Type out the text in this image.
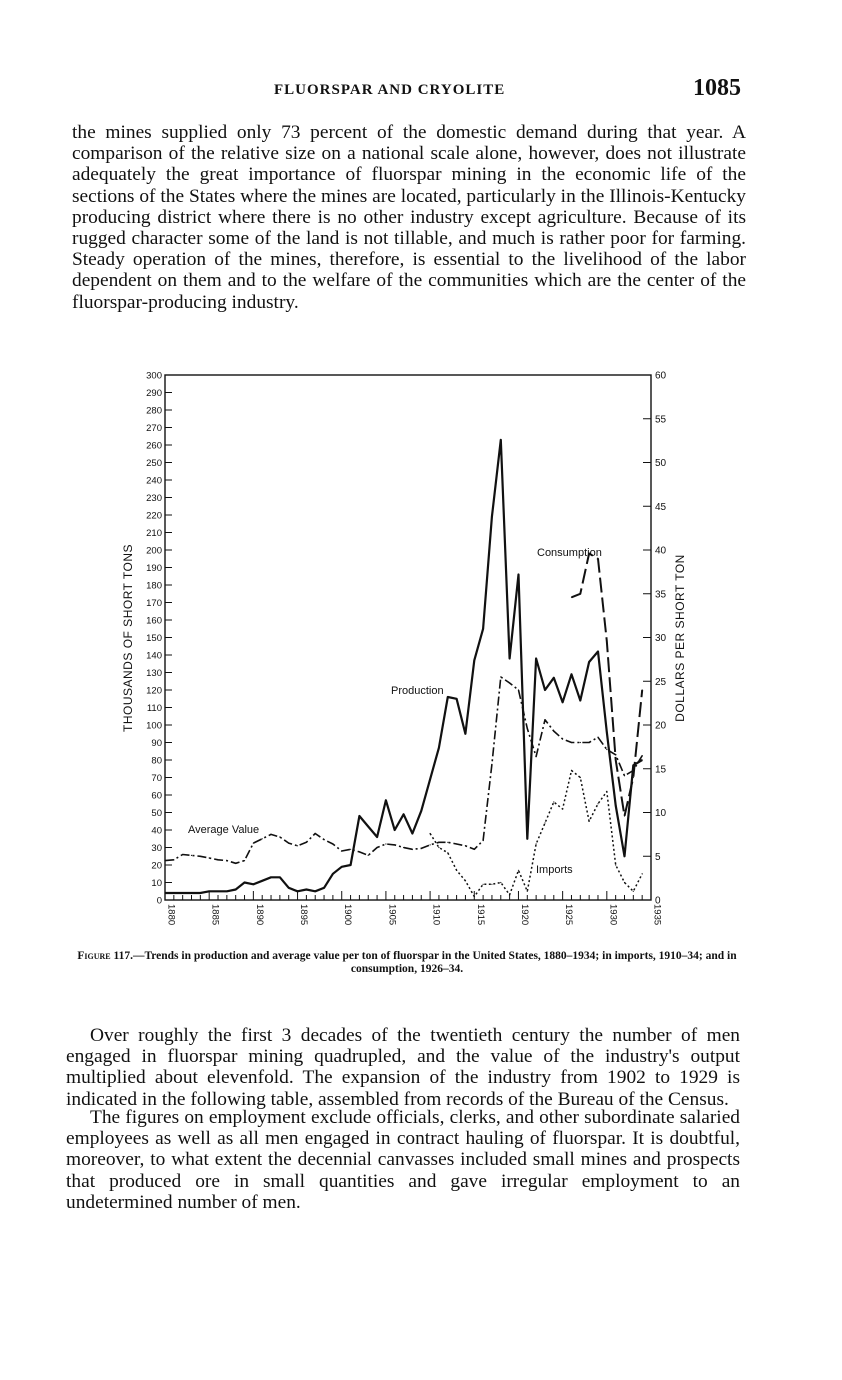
FLUORSPAR AND CRYOLITE	1085

the mines supplied only 73 percent of the domestic demand during that year. A comparison of the relative size on a national scale alone, however, does not illustrate adequately the great importance of fluorspar mining in the economic life of the sections of the States where the mines are located, particularly in the Illinois-Kentucky producing district where there is no other industry except agriculture. Because of its rugged character some of the land is not tillable, and much is rather poor for farming. Steady operation of the mines, therefore, is essential to the livelihood of the labor dependent on them and to the welfare of the communities which are the center of the fluorspar-producing industry.

0
10
20
30
40
50
60
70
80
90
100
110
120
130
140
150
160
170
180
190
200
210
220
230
240
250
260
270
280
290
300
0
5
10
15
20
25
30
35
40
45
50
55
60
1880	1885	1890	1895	1900	1905	1910	1915	1920	1925	1930	1935
THOUSANDS OF SHORT TONS	DOLLARS PER SHORT TON
Average Value
Production
Consumption
Imports

Figure 117.—Trends in production and average value per ton of fluorspar in the United States, 1880–1934; in imports, 1910–34; and in consumption, 1926–34.

Over roughly the first 3 decades of the twentieth century the number of men engaged in fluorspar mining quadrupled, and the value of the industry's output multiplied about elevenfold. The expansion of the industry from 1902 to 1929 is indicated in the following table, assembled from records of the Bureau of the Census.

The figures on employment exclude officials, clerks, and other subordinate salaried employees as well as all men engaged in contract hauling of fluorspar. It is doubtful, moreover, to what extent the decennial canvasses included small mines and prospects that produced ore in small quantities and gave irregular employment to an undetermined number of men.
